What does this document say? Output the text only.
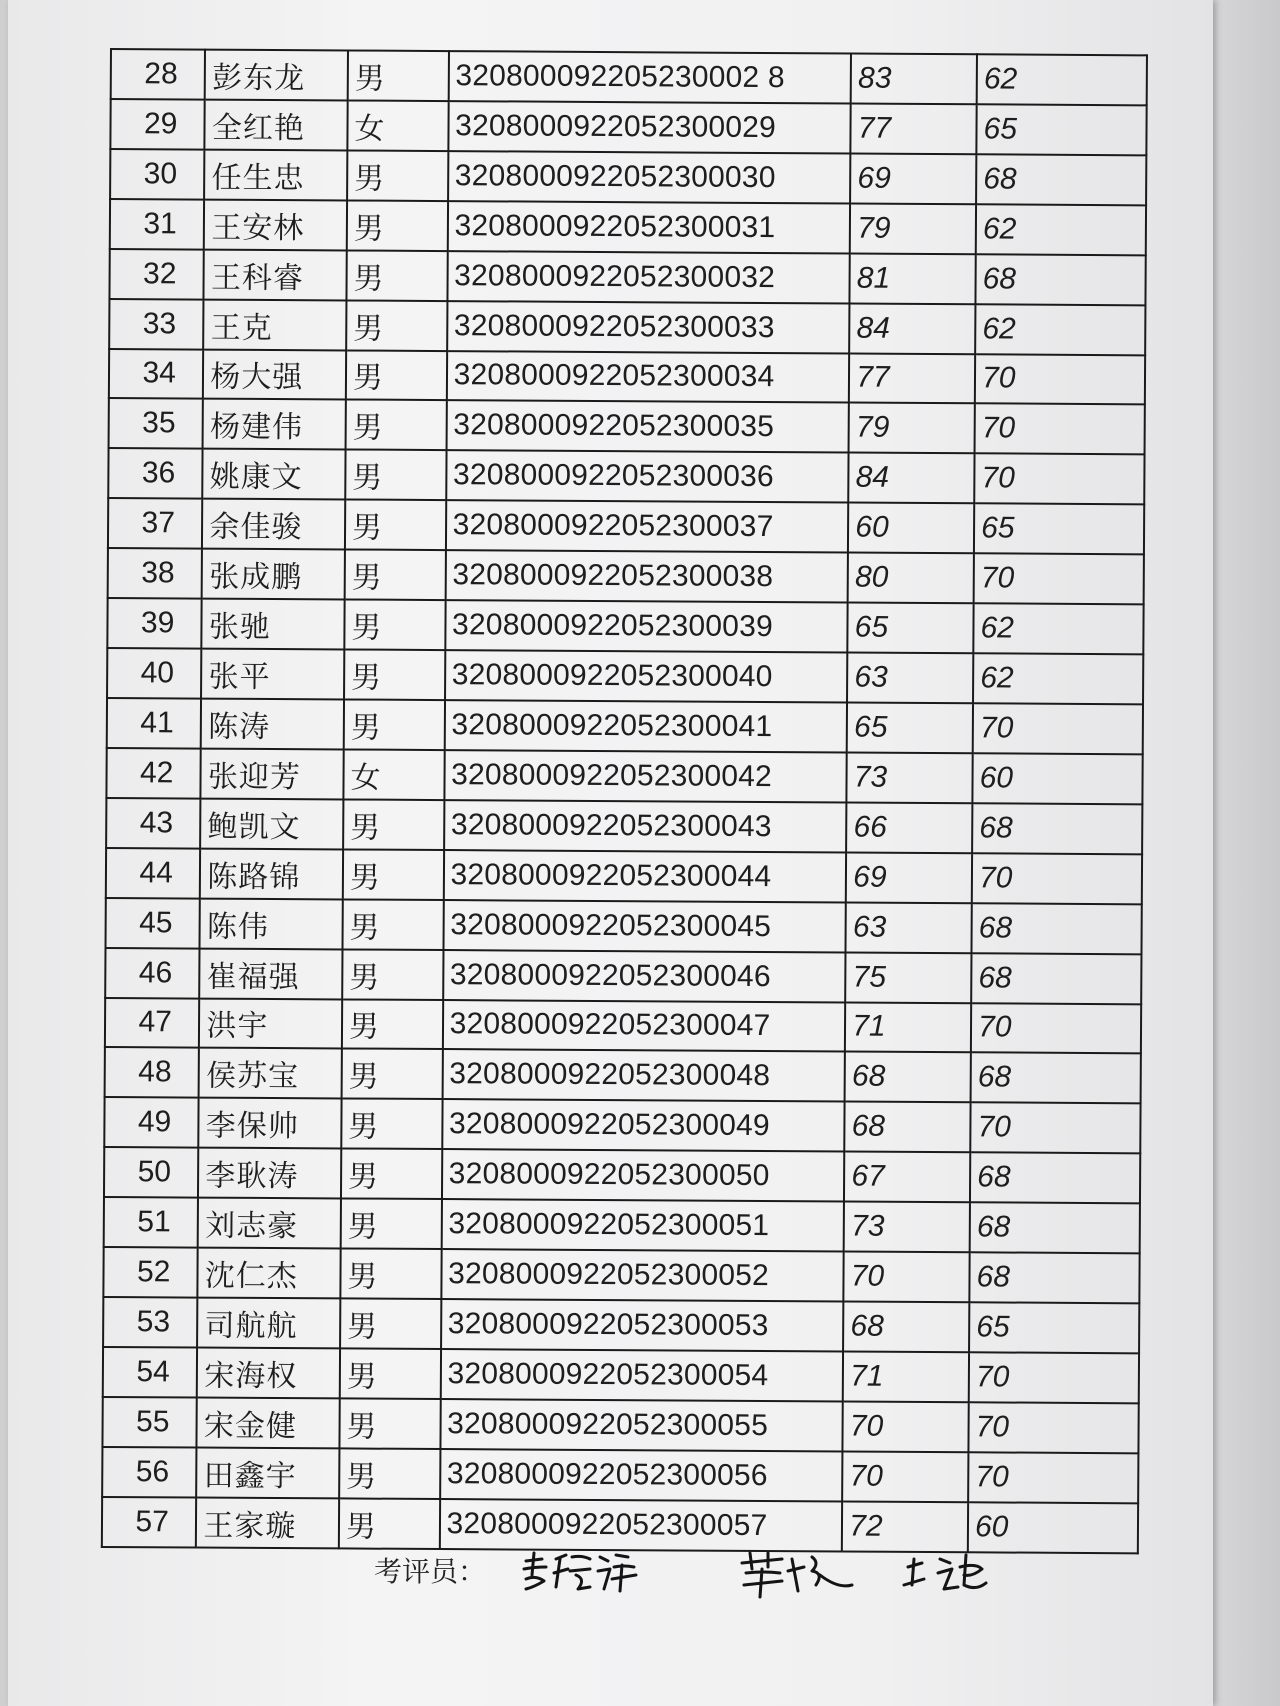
28	彭东龙	男	320800092205230002 8	83	62
29	全红艳	女	3208000922052300029	77	65
30	任生忠	男	3208000922052300030	69	68
31	王安林	男	3208000922052300031	79	62
32	王科睿	男	3208000922052300032	81	68
33	王克	男	3208000922052300033	84	62
34	杨大强	男	3208000922052300034	77	70
35	杨建伟	男	3208000922052300035	79	70
36	姚康文	男	3208000922052300036	84	70
37	余佳骏	男	3208000922052300037	60	65
38	张成鹏	男	3208000922052300038	80	70
39	张驰	男	3208000922052300039	65	62
40	张平	男	3208000922052300040	63	62
41	陈涛	男	3208000922052300041	65	70
42	张迎芳	女	3208000922052300042	73	60
43	鲍凯文	男	3208000922052300043	66	68
44	陈路锦	男	3208000922052300044	69	70
45	陈伟	男	3208000922052300045	63	68
46	崔福强	男	3208000922052300046	75	68
47	洪宇	男	3208000922052300047	71	70
48	侯苏宝	男	3208000922052300048	68	68
49	李保帅	男	3208000922052300049	68	70
50	李耿涛	男	3208000922052300050	67	68
51	刘志豪	男	3208000922052300051	73	68
52	沈仁杰	男	3208000922052300052	70	68
53	司航航	男	3208000922052300053	68	65
54	宋海权	男	3208000922052300054	71	70
55	宋金健	男	3208000922052300055	70	70
56	田鑫宇	男	3208000922052300056	70	70
57	王家璇	男	3208000922052300057	72	60
考评员：
